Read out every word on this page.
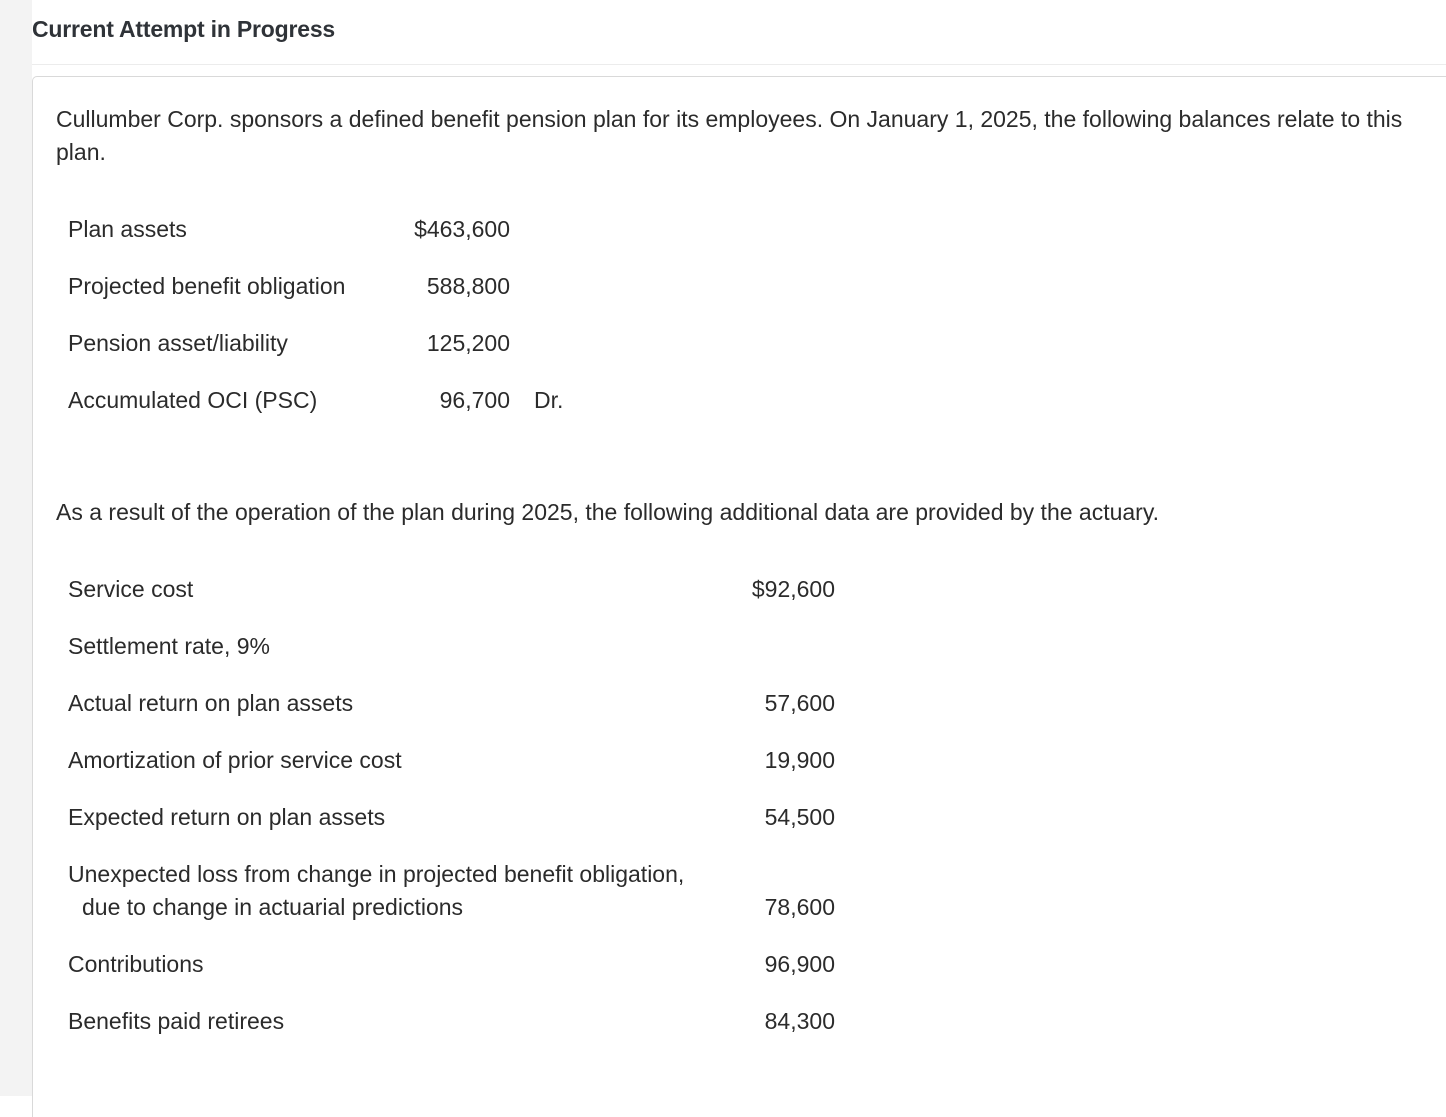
Current Attempt in Progress
Cullumber Corp. sponsors a defined benefit pension plan for its employees. On January 1, 2025, the following balances relate to this plan.
Plan assets	$463,600
Projected benefit obligation	588,800
Pension asset/liability	125,200
Accumulated OCI (PSC)	96,700 Dr.
As a result of the operation of the plan during 2025, the following additional data are provided by the actuary.
Service cost	$92,600
Settlement rate, 9%
Actual return on plan assets	57,600
Amortization of prior service cost	19,900
Expected return on plan assets	54,500
Unexpected loss from change in projected benefit obligation,
due to change in actuarial predictions	78,600
Contributions	96,900
Benefits paid retirees	84,300
